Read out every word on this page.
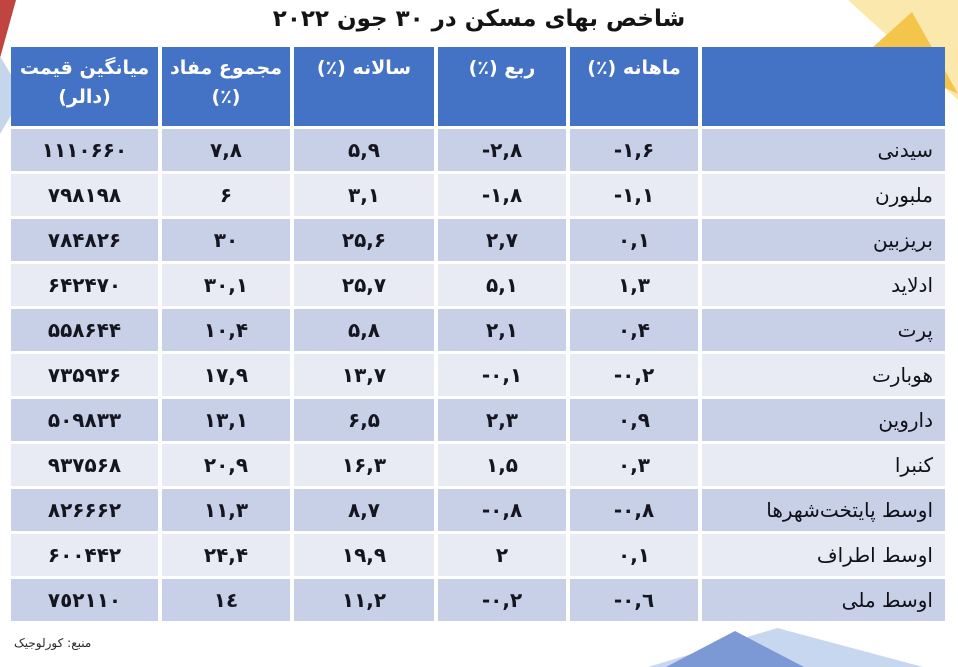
شاخص بهای مسکن در ۳۰ جون ۲۰۲۲
	ماهانه (٪)	ربع (٪)	سالانه (٪)	مجموع مفاد (٪)	میانگین قیمت (دالر)
سیدنی	-۱,۶	-۲,۸	۵,۹	۷,۸	۱۱۱۰۶۶۰
ملبورن	-۱,۱	-۱,۸	۳,۱	۶	۷۹۸۱۹۸
بریزبین	۰,۱	۲,۷	۲۵,۶	۳۰	۷۸۴۸۲۶
ادلاید	۱,۳	۵,۱	۲۵,۷	۳۰,۱	۶۴۲۴۷۰
پرت	۰,۴	۲,۱	۵,۸	۱۰,۴	۵۵۸۶۴۴
هوبارت	-۰,۲	-۰,۱	۱۳,۷	۱۷,۹	۷۳۵۹۳۶
داروین	۰,۹	۲,۳	۶,۵	۱۳,۱	۵۰۹۸۳۳
کنبرا	۰,۳	۱,۵	۱۶,۳	۲۰,۹	۹۳۷۵۶۸
اوسط پایتخت‌شهرها	-۰,۸	-۰,۸	۸,۷	۱۱,۳	۸۲۶۶۶۲
اوسط اطراف	۰,۱	۲	۱۹,۹	۲۴,۴	۶۰۰۴۴۲
اوسط ملی	-٠,٦	-٠,٢	١١,٢	١٤	٧٥٢١١٠
منبع: کورلوجیک
